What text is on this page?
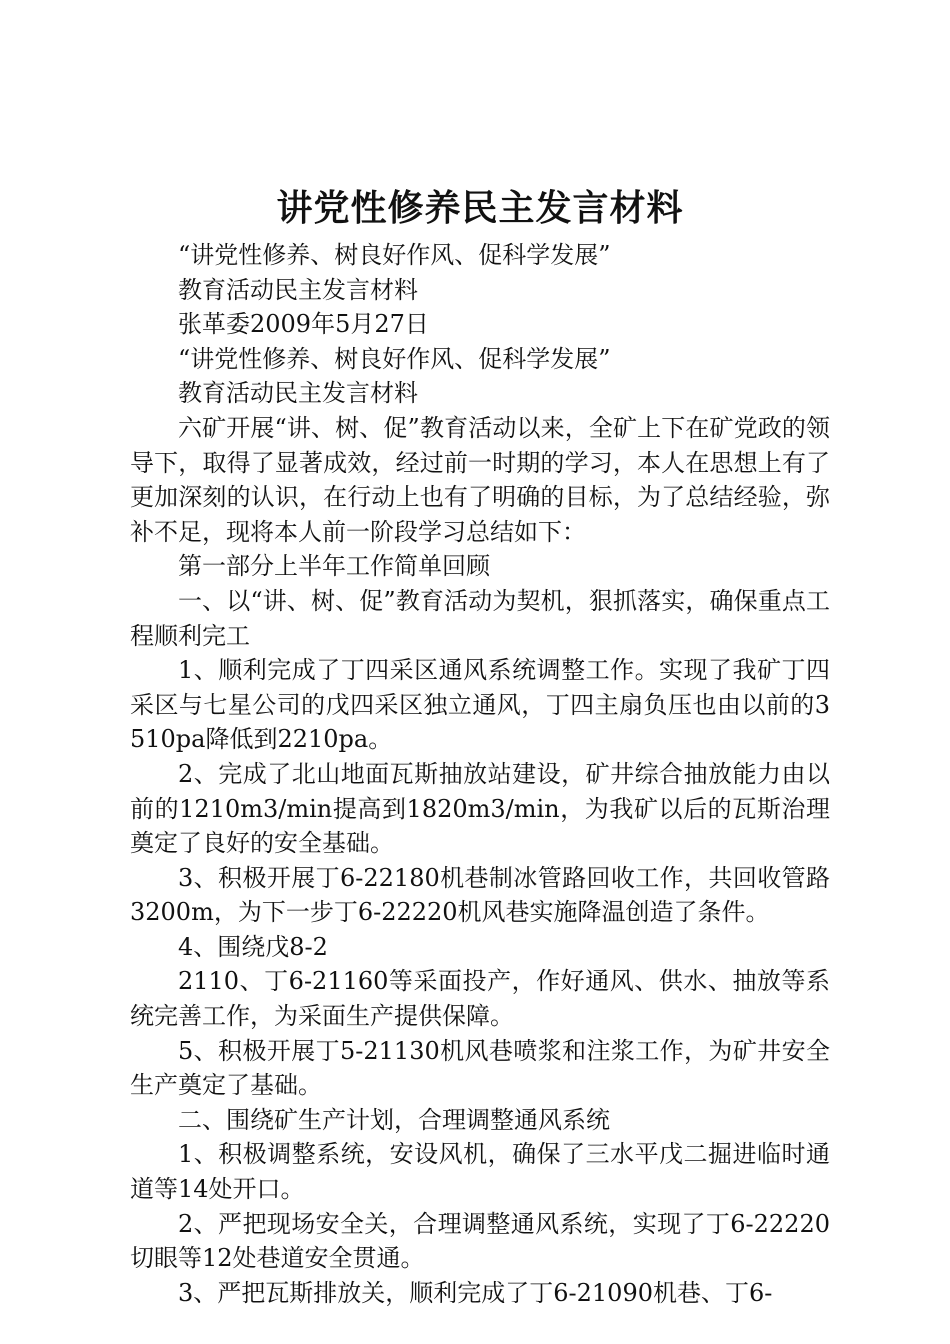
讲党性修养民主发言材料

“讲党性修养、树良好作风、促科学发展”

教育活动民主发言材料

张革委2009年5月27日

“讲党性修养、树良好作风、促科学发展”

教育活动民主发言材料

六矿开展“讲、树、促”教育活动以来，全矿上下在矿党政的领导下，取得了显著成效，经过前一时期的学习，本人在思想上有了更加深刻的认识，在行动上也有了明确的目标，为了总结经验，弥补不足，现将本人前一阶段学习总结如下：

第一部分上半年工作简单回顾

一、以“讲、树、促”教育活动为契机，狠抓落实，确保重点工程顺利完工

1、顺利完成了丁四采区通风系统调整工作。实现了我矿丁四采区与七星公司的戊四采区独立通风，丁四主扇负压也由以前的3510pa降低到2210pa。

2、完成了北山地面瓦斯抽放站建设，矿井综合抽放能力由以前的1210m3/min提高到1820m3/min，为我矿以后的瓦斯治理奠定了良好的安全基础。

3、积极开展丁6-22180机巷制冰管路回收工作，共回收管路3200m，为下一步丁6-22220机风巷实施降温创造了条件。

4、围绕戊8-2

2110、丁6-21160等采面投产，作好通风、供水、抽放等系统完善工作，为采面生产提供保障。

5、积极开展丁5-21130机风巷喷浆和注浆工作，为矿井安全生产奠定了基础。

二、围绕矿生产计划，合理调整通风系统

1、积极调整系统，安设风机，确保了三水平戊二掘进临时通道等14处开口。

2、严把现场安全关，合理调整通风系统，实现了丁6-22220切眼等12处巷道安全贯通。

3、严把瓦斯排放关，顺利完成了丁6-21090机巷、丁6-
